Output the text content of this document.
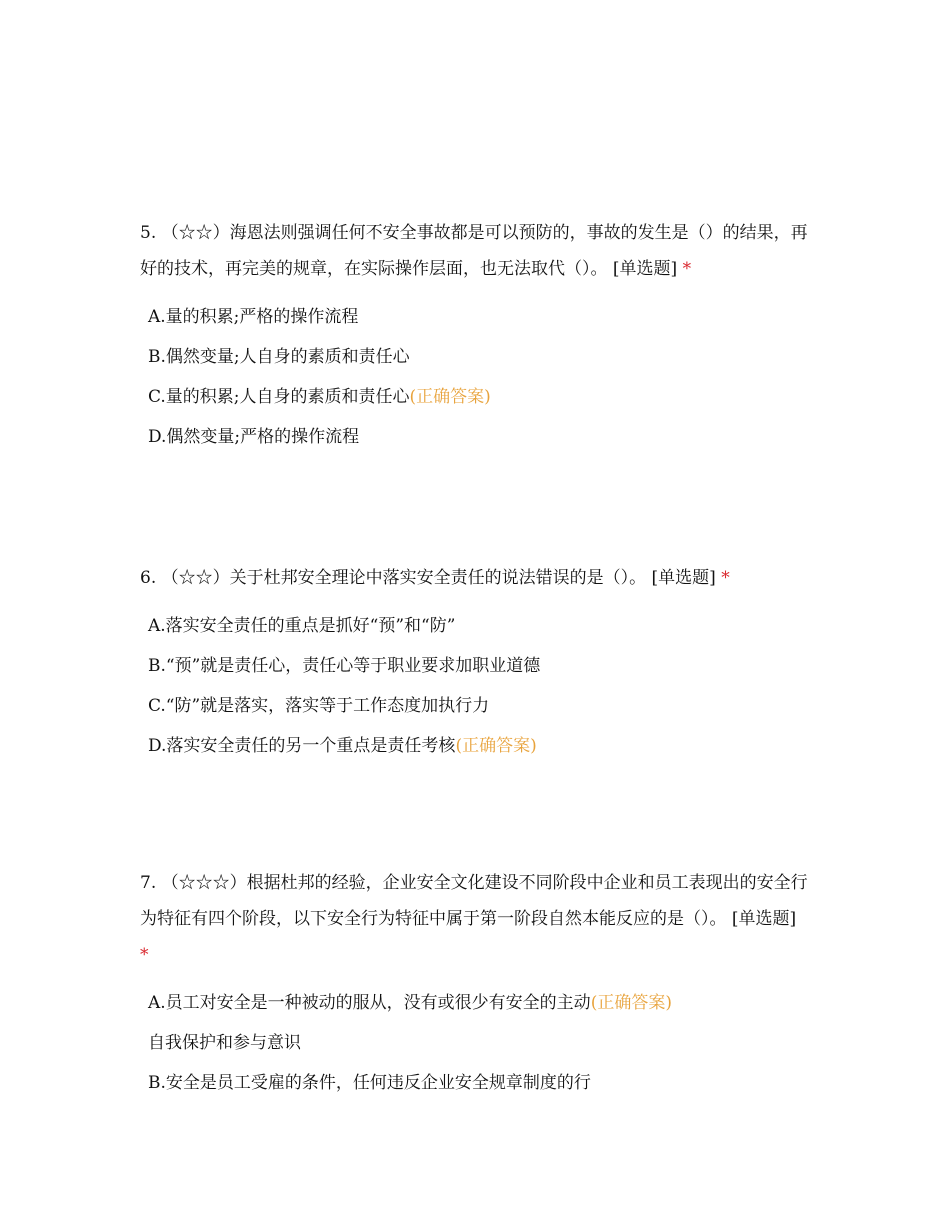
5. （☆☆）海恩法则强调任何不安全事故都是可以预防的，事故的发生是（）的结果，再好的技术，再完美的规章，在实际操作层面，也无法取代（）。 [单选题] *

A.量的积累;严格的操作流程
B.偶然变量;人自身的素质和责任心
C.量的积累;人自身的素质和责任心(正确答案)
D.偶然变量;严格的操作流程

6. （☆☆）关于杜邦安全理论中落实安全责任的说法错误的是（）。 [单选题] *

A.落实安全责任的重点是抓好“预”和“防”
B.“预”就是责任心，责任心等于职业要求加职业道德
C.“防”就是落实，落实等于工作态度加执行力
D.落实安全责任的另一个重点是责任考核(正确答案)

7. （☆☆☆）根据杜邦的经验，企业安全文化建设不同阶段中企业和员工表现出的安全行为特征有四个阶段，以下安全行为特征中属于第一阶段自然本能反应的是（）。 [单选题] *

A.员工对安全是一种被动的服从，没有或很少有安全的主动(正确答案)
自我保护和参与意识
B.安全是员工受雇的条件，任何违反企业安全规章制度的行
